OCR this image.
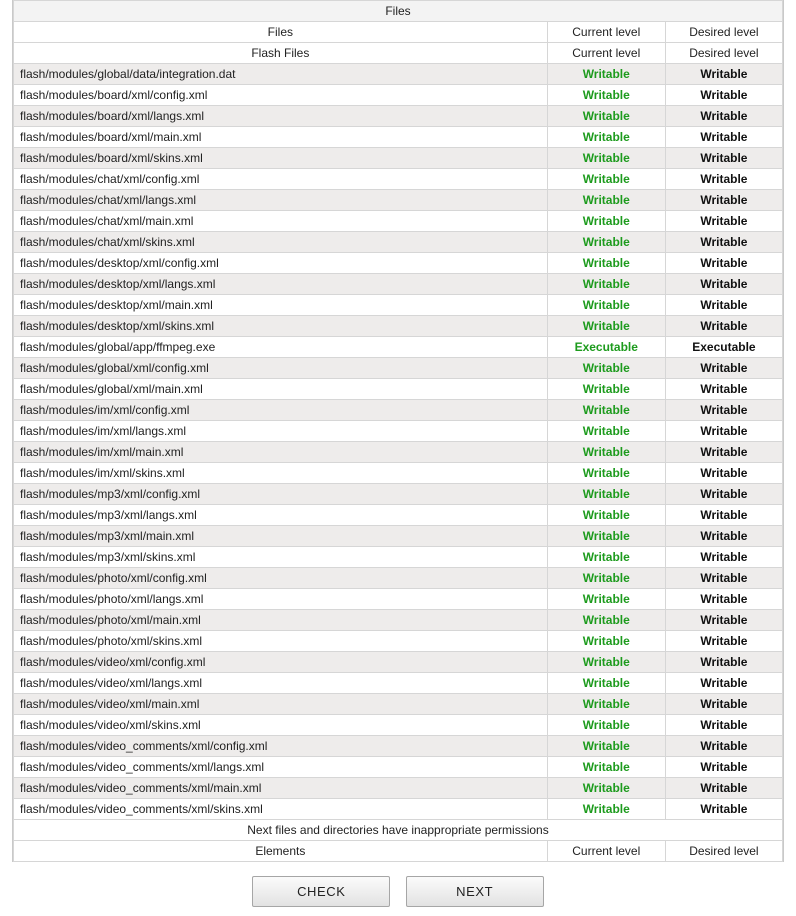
Files		
Files	Current level	Desired level
Flash Files	Current level	Desired level
flash/modules/global/data/integration.dat	Writable	Writable
flash/modules/board/xml/config.xml	Writable	Writable
flash/modules/board/xml/langs.xml	Writable	Writable
flash/modules/board/xml/main.xml	Writable	Writable
flash/modules/board/xml/skins.xml	Writable	Writable
flash/modules/chat/xml/config.xml	Writable	Writable
flash/modules/chat/xml/langs.xml	Writable	Writable
flash/modules/chat/xml/main.xml	Writable	Writable
flash/modules/chat/xml/skins.xml	Writable	Writable
flash/modules/desktop/xml/config.xml	Writable	Writable
flash/modules/desktop/xml/langs.xml	Writable	Writable
flash/modules/desktop/xml/main.xml	Writable	Writable
flash/modules/desktop/xml/skins.xml	Writable	Writable
flash/modules/global/app/ffmpeg.exe	Executable	Executable
flash/modules/global/xml/config.xml	Writable	Writable
flash/modules/global/xml/main.xml	Writable	Writable
flash/modules/im/xml/config.xml	Writable	Writable
flash/modules/im/xml/langs.xml	Writable	Writable
flash/modules/im/xml/main.xml	Writable	Writable
flash/modules/im/xml/skins.xml	Writable	Writable
flash/modules/mp3/xml/config.xml	Writable	Writable
flash/modules/mp3/xml/langs.xml	Writable	Writable
flash/modules/mp3/xml/main.xml	Writable	Writable
flash/modules/mp3/xml/skins.xml	Writable	Writable
flash/modules/photo/xml/config.xml	Writable	Writable
flash/modules/photo/xml/langs.xml	Writable	Writable
flash/modules/photo/xml/main.xml	Writable	Writable
flash/modules/photo/xml/skins.xml	Writable	Writable
flash/modules/video/xml/config.xml	Writable	Writable
flash/modules/video/xml/langs.xml	Writable	Writable
flash/modules/video/xml/main.xml	Writable	Writable
flash/modules/video/xml/skins.xml	Writable	Writable
flash/modules/video_comments/xml/config.xml	Writable	Writable
flash/modules/video_comments/xml/langs.xml	Writable	Writable
flash/modules/video_comments/xml/main.xml	Writable	Writable
flash/modules/video_comments/xml/skins.xml	Writable	Writable
Next files and directories have inappropriate permissions		
Elements	Current level	Desired level
CHECK	NEXT
